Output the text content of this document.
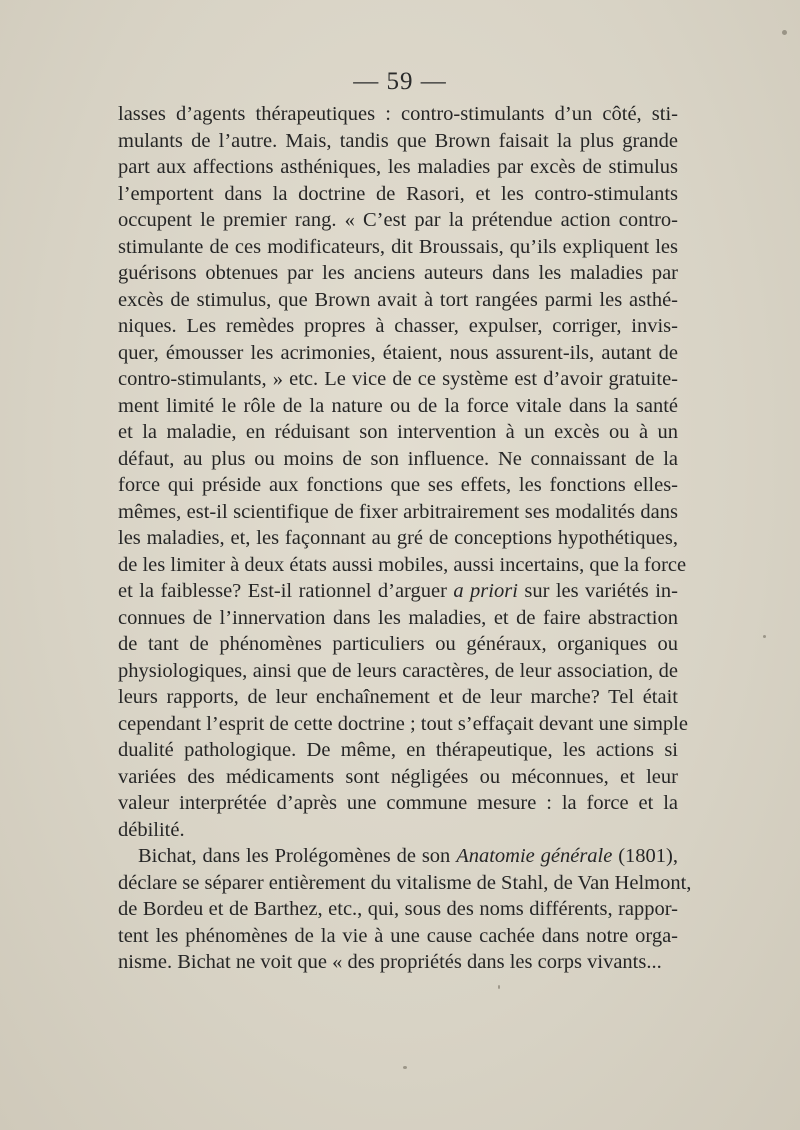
— 59 —
lasses d’agents thérapeutiques : contro-stimulants d’un côté, sti-
mulants de l’autre. Mais, tandis que Brown faisait la plus grande
part aux affections asthéniques, les maladies par excès de stimulus
l’emportent dans la doctrine de Rasori, et les contro-stimulants
occupent le premier rang. « C’est par la prétendue action contro-
stimulante de ces modificateurs, dit Broussais, qu’ils expliquent les
guérisons obtenues par les anciens auteurs dans les maladies par
excès de stimulus, que Brown avait à tort rangées parmi les asthé-
niques. Les remèdes propres à chasser, expulser, corriger, invis-
quer, émousser les acrimonies, étaient, nous assurent-ils, autant de
contro-stimulants, » etc. Le vice de ce système est d’avoir gratuite-
ment limité le rôle de la nature ou de la force vitale dans la santé
et la maladie, en réduisant son intervention à un excès ou à un
défaut, au plus ou moins de son influence. Ne connaissant de la
force qui préside aux fonctions que ses effets, les fonctions elles-
mêmes, est-il scientifique de fixer arbitrairement ses modalités dans
les maladies, et, les façonnant au gré de conceptions hypothétiques,
de les limiter à deux états aussi mobiles, aussi incertains, que la force
et la faiblesse? Est-il rationnel d’arguer a priori sur les variétés in-
connues de l’innervation dans les maladies, et de faire abstraction
de tant de phénomènes particuliers ou généraux, organiques ou
physiologiques, ainsi que de leurs caractères, de leur association, de
leurs rapports, de leur enchaînement et de leur marche? Tel était
cependant l’esprit de cette doctrine ; tout s’effaçait devant une simple
dualité pathologique. De même, en thérapeutique, les actions si
variées des médicaments sont négligées ou méconnues, et leur
valeur interprétée d’après une commune mesure : la force et la
débilité.
Bichat, dans les Prolégomènes de son Anatomie générale (1801),
déclare se séparer entièrement du vitalisme de Stahl, de Van Helmont,
de Bordeu et de Barthez, etc., qui, sous des noms différents, rappor-
tent les phénomènes de la vie à une cause cachée dans notre orga-
nisme. Bichat ne voit que « des propriétés dans les corps vivants...
